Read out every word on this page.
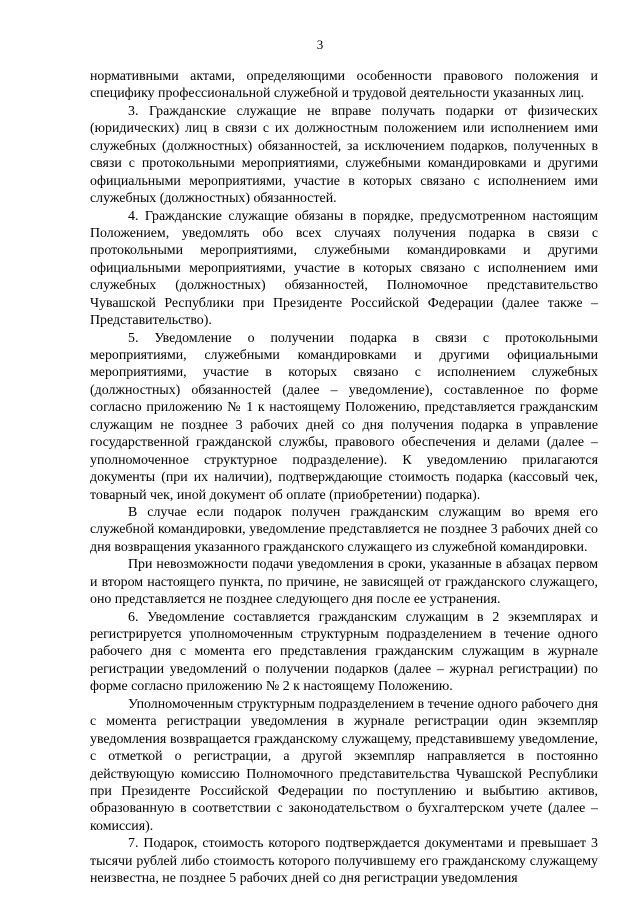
3

нормативными актами, определяющими особенности правового положения и специфику профессиональной служебной и трудовой деятельности указанных лиц.

3. Гражданские служащие не вправе получать подарки от физических (юридических) лиц в связи с их должностным положением или исполнением ими служебных (должностных) обязанностей, за исключением подарков, полученных в связи с протокольными мероприятиями, служебными командировками и другими официальными мероприятиями, участие в которых связано с исполнением ими служебных (должностных) обязанностей.

4. Гражданские служащие обязаны в порядке, предусмотренном настоящим Положением, уведомлять обо всех случаях получения подарка в связи с протокольными мероприятиями, служебными командировками и другими официальными мероприятиями, участие в которых связано с исполнением ими служебных (должностных) обязанностей, Полномочное представительство Чувашской Республики при Президенте Российской Федерации (далее также – Представительство).

5. Уведомление о получении подарка в связи с протокольными мероприятиями, служебными командировками и другими официальными мероприятиями, участие в которых связано с исполнением служебных (должностных) обязанностей (далее – уведомление), составленное по форме согласно приложению № 1 к настоящему Положению, представляется гражданским служащим не позднее 3 рабочих дней со дня получения подарка в управление государственной гражданской службы, правового обеспечения и делами (далее – уполномоченное структурное подразделение). К уведомлению прилагаются документы (при их наличии), подтверждающие стоимость подарка (кассовый чек, товарный чек, иной документ об оплате (приобретении) подарка).

В случае если подарок получен гражданским служащим во время его служебной командировки, уведомление представляется не позднее 3 рабочих дней со дня возвращения указанного гражданского служащего из служебной командировки.

При невозможности подачи уведомления в сроки, указанные в абзацах первом и втором настоящего пункта, по причине, не зависящей от гражданского служащего, оно представляется не позднее следующего дня после ее устранения.

6. Уведомление составляется гражданским служащим в 2 экземплярах и регистрируется уполномоченным структурным подразделением в течение одного рабочего дня с момента его представления гражданским служащим в журнале регистрации уведомлений о получении подарков (далее – журнал регистрации) по форме согласно приложению № 2 к настоящему Положению.

Уполномоченным структурным подразделением в течение одного рабочего дня с момента регистрации уведомления в журнале регистрации один экземпляр уведомления возвращается гражданскому служащему, представившему уведомление, с отметкой о регистрации, а другой экземпляр направляется в постоянно действующую комиссию Полномочного представительства Чувашской Республики при Президенте Российской Федерации по поступлению и выбытию активов, образованную в соответствии с законодательством о бухгалтерском учете (далее – комиссия).

7. Подарок, стоимость которого подтверждается документами и превышает 3 тысячи рублей либо стоимость которого получившему его гражданскому служащему неизвестна, не позднее 5 рабочих дней со дня регистрации уведомления
